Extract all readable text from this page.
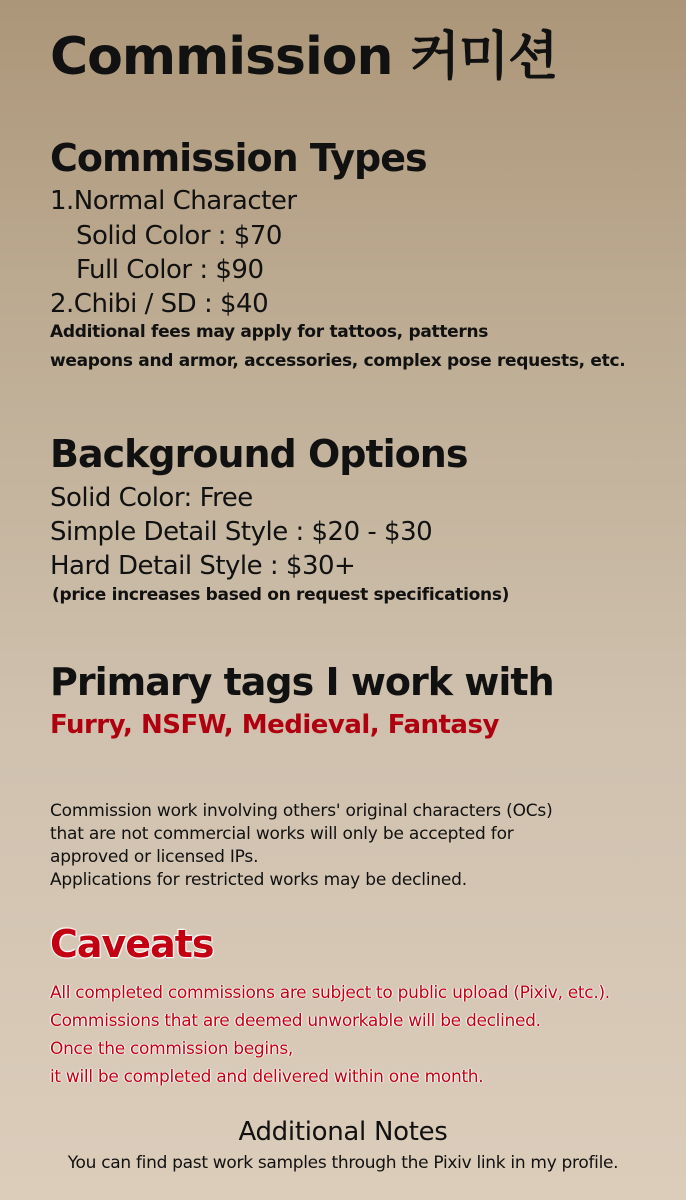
Commission 커미션
Commission Types
1.Normal Character
Solid Color : $70
Full Color : $90
2.Chibi / SD : $40
Additional fees may apply for tattoos, patterns
weapons and armor, accessories, complex pose requests, etc.
Background Options
Solid Color: Free
Simple Detail Style : $20 - $30
Hard Detail Style : $30+
(price increases based on request specifications)
Primary tags I work with
Furry, NSFW, Medieval, Fantasy
Commission work involving others' original characters (OCs)
that are not commercial works will only be accepted for
approved or licensed IPs.
Applications for restricted works may be declined.
Caveats
All completed commissions are subject to public upload (Pixiv, etc.).
Commissions that are deemed unworkable will be declined.
Once the commission begins,
it will be completed and delivered within one month.
Additional Notes
You can find past work samples through the Pixiv link in my profile.
